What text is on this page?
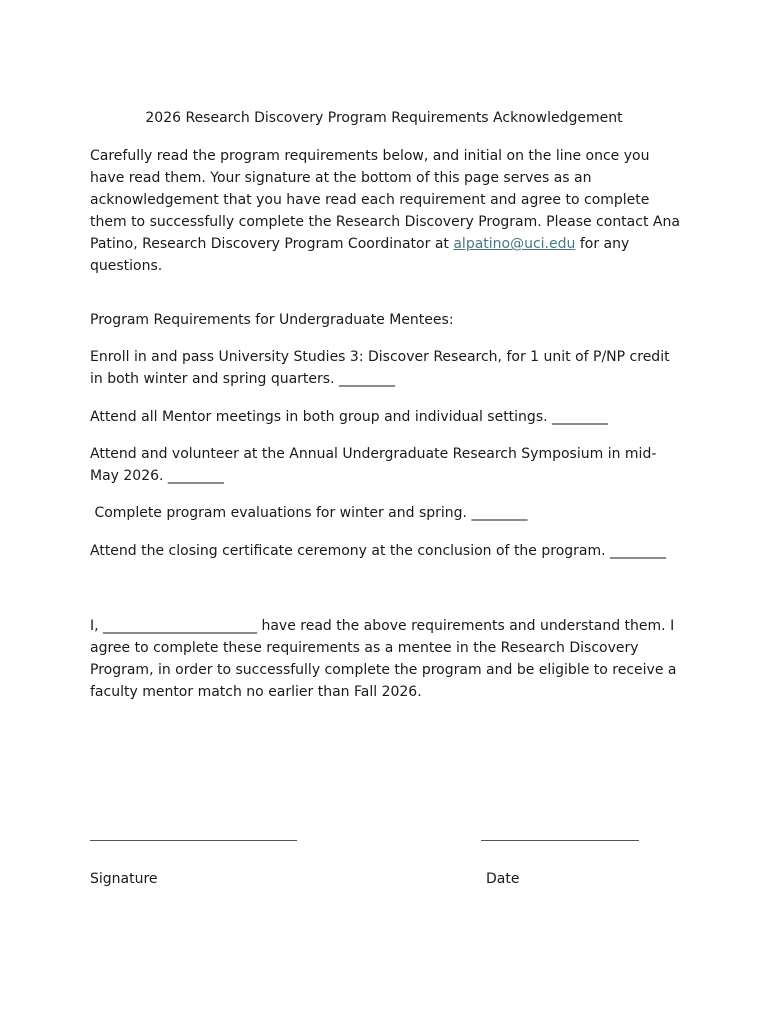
2026 Research Discovery Program Requirements Acknowledgement

Carefully read the program requirements below, and initial on the line once you have read them. Your signature at the bottom of this page serves as an acknowledgement that you have read each requirement and agree to complete them to successfully complete the Research Discovery Program. Please contact Ana Patino, Research Discovery Program Coordinator at alpatino@uci.edu for any questions.

Program Requirements for Undergraduate Mentees:

Enroll in and pass University Studies 3: Discover Research, for 1 unit of P/NP credit in both winter and spring quarters. ________

Attend all Mentor meetings in both group and individual settings. ________

Attend and volunteer at the Annual Undergraduate Research Symposium in mid- May 2026. ________

Complete program evaluations for winter and spring. ________

Attend the closing certificate ceremony at the conclusion of the program. ________

I, ______________________ have read the above requirements and understand them. I agree to complete these requirements as a mentee in the Research Discovery Program, in order to successfully complete the program and be eligible to receive a faculty mentor match no earlier than Fall 2026.

Signature	Date
